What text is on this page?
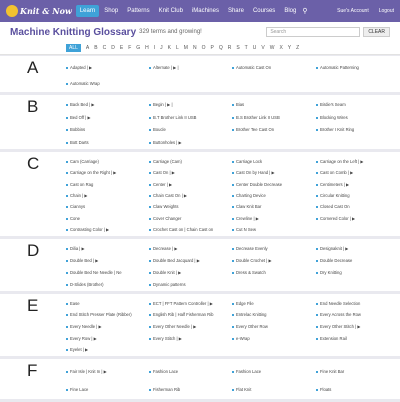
Knit & Now	Learn	Shop	Patterns	Knit Club	iMachines	Share	Courses	Blog ⚲	Sue's Account Logout
Machine Knitting Glossary 329 terms and growing!	Search	CLEAR
ALL	A B C D E F G H I J K L M N O P Q R S T U V W X Y Z
A	Adapted | ▶	Alternate | ▶ |	Automatic Cast On	Automatic Patterning
Automatic Wrap
B	Back Bed | ▶	Begin | ▶ |	Bias	Birdie's Seam
Bed Off | ▶	B.T Brother Link II USB	B.S Brother Link II USB	Blocking Wires
Bobbins	Boucle	Brother Tee Cast On	Brother I Knit Ring
Bott Darts	Buttonholes | ▶
C	Cam (Carriage)	Carriage (Cam)	Carriage Lock	Carriage on the Left | ▶
Carriage on the Right | ▶	Cast On | ▶	Cast On by Hand | ▶	Cast on Comb | ▶
Cast on Rag	Center | ▶	Center Double Decrease	Centimeters | ▶
Chain | ▶	Chain Cast On | ▶	Charting Device	Circular Knitting
Ciannys	Claw Weights	Claw Knit Bar	Closed Cast On
Cone	Cover Changer	Crewline | ▶	Cornered Color | ▶
Contrasting Color | ▶	Crochet Cast on | Chain Cast on	Cut N Sew
D	Dilia | ▶	Decrease | ▶	Decrease Evenly	Designaknit | ▶
Double Bed | ▶	Double Bed Jacquard | ▶	Double Crochet | ▶	Double Decrease
Double Bed Ne Needle | Ne	Double Knit | ▶	Dress & Swatch	Dry Knitting
D-Slides (Brother)	Dynamic patterns
E	Ease	ECT | FFT Pattern Controller | ▶	Edge File	End Needle Selection
End Stitch Presser Plate (Ribber)	English Rib | Half Fisherman Rib	Entrelac Knitting	Every Across the Row
Every Needle | ▶	Every Other Needle | ▶	Every Other Row	Every Other Stitch | ▶
Every Row | ▶	Every Stitch | ▶	e-Wrap	Extension Rail
Eyelet | ▶
F	Fair Isle | Knit In | ▶	Fashion Lace	Fashion Lace	Fine Knit Bar
Fine Lace	Fisherman Rib	Flat Knit	Floats
